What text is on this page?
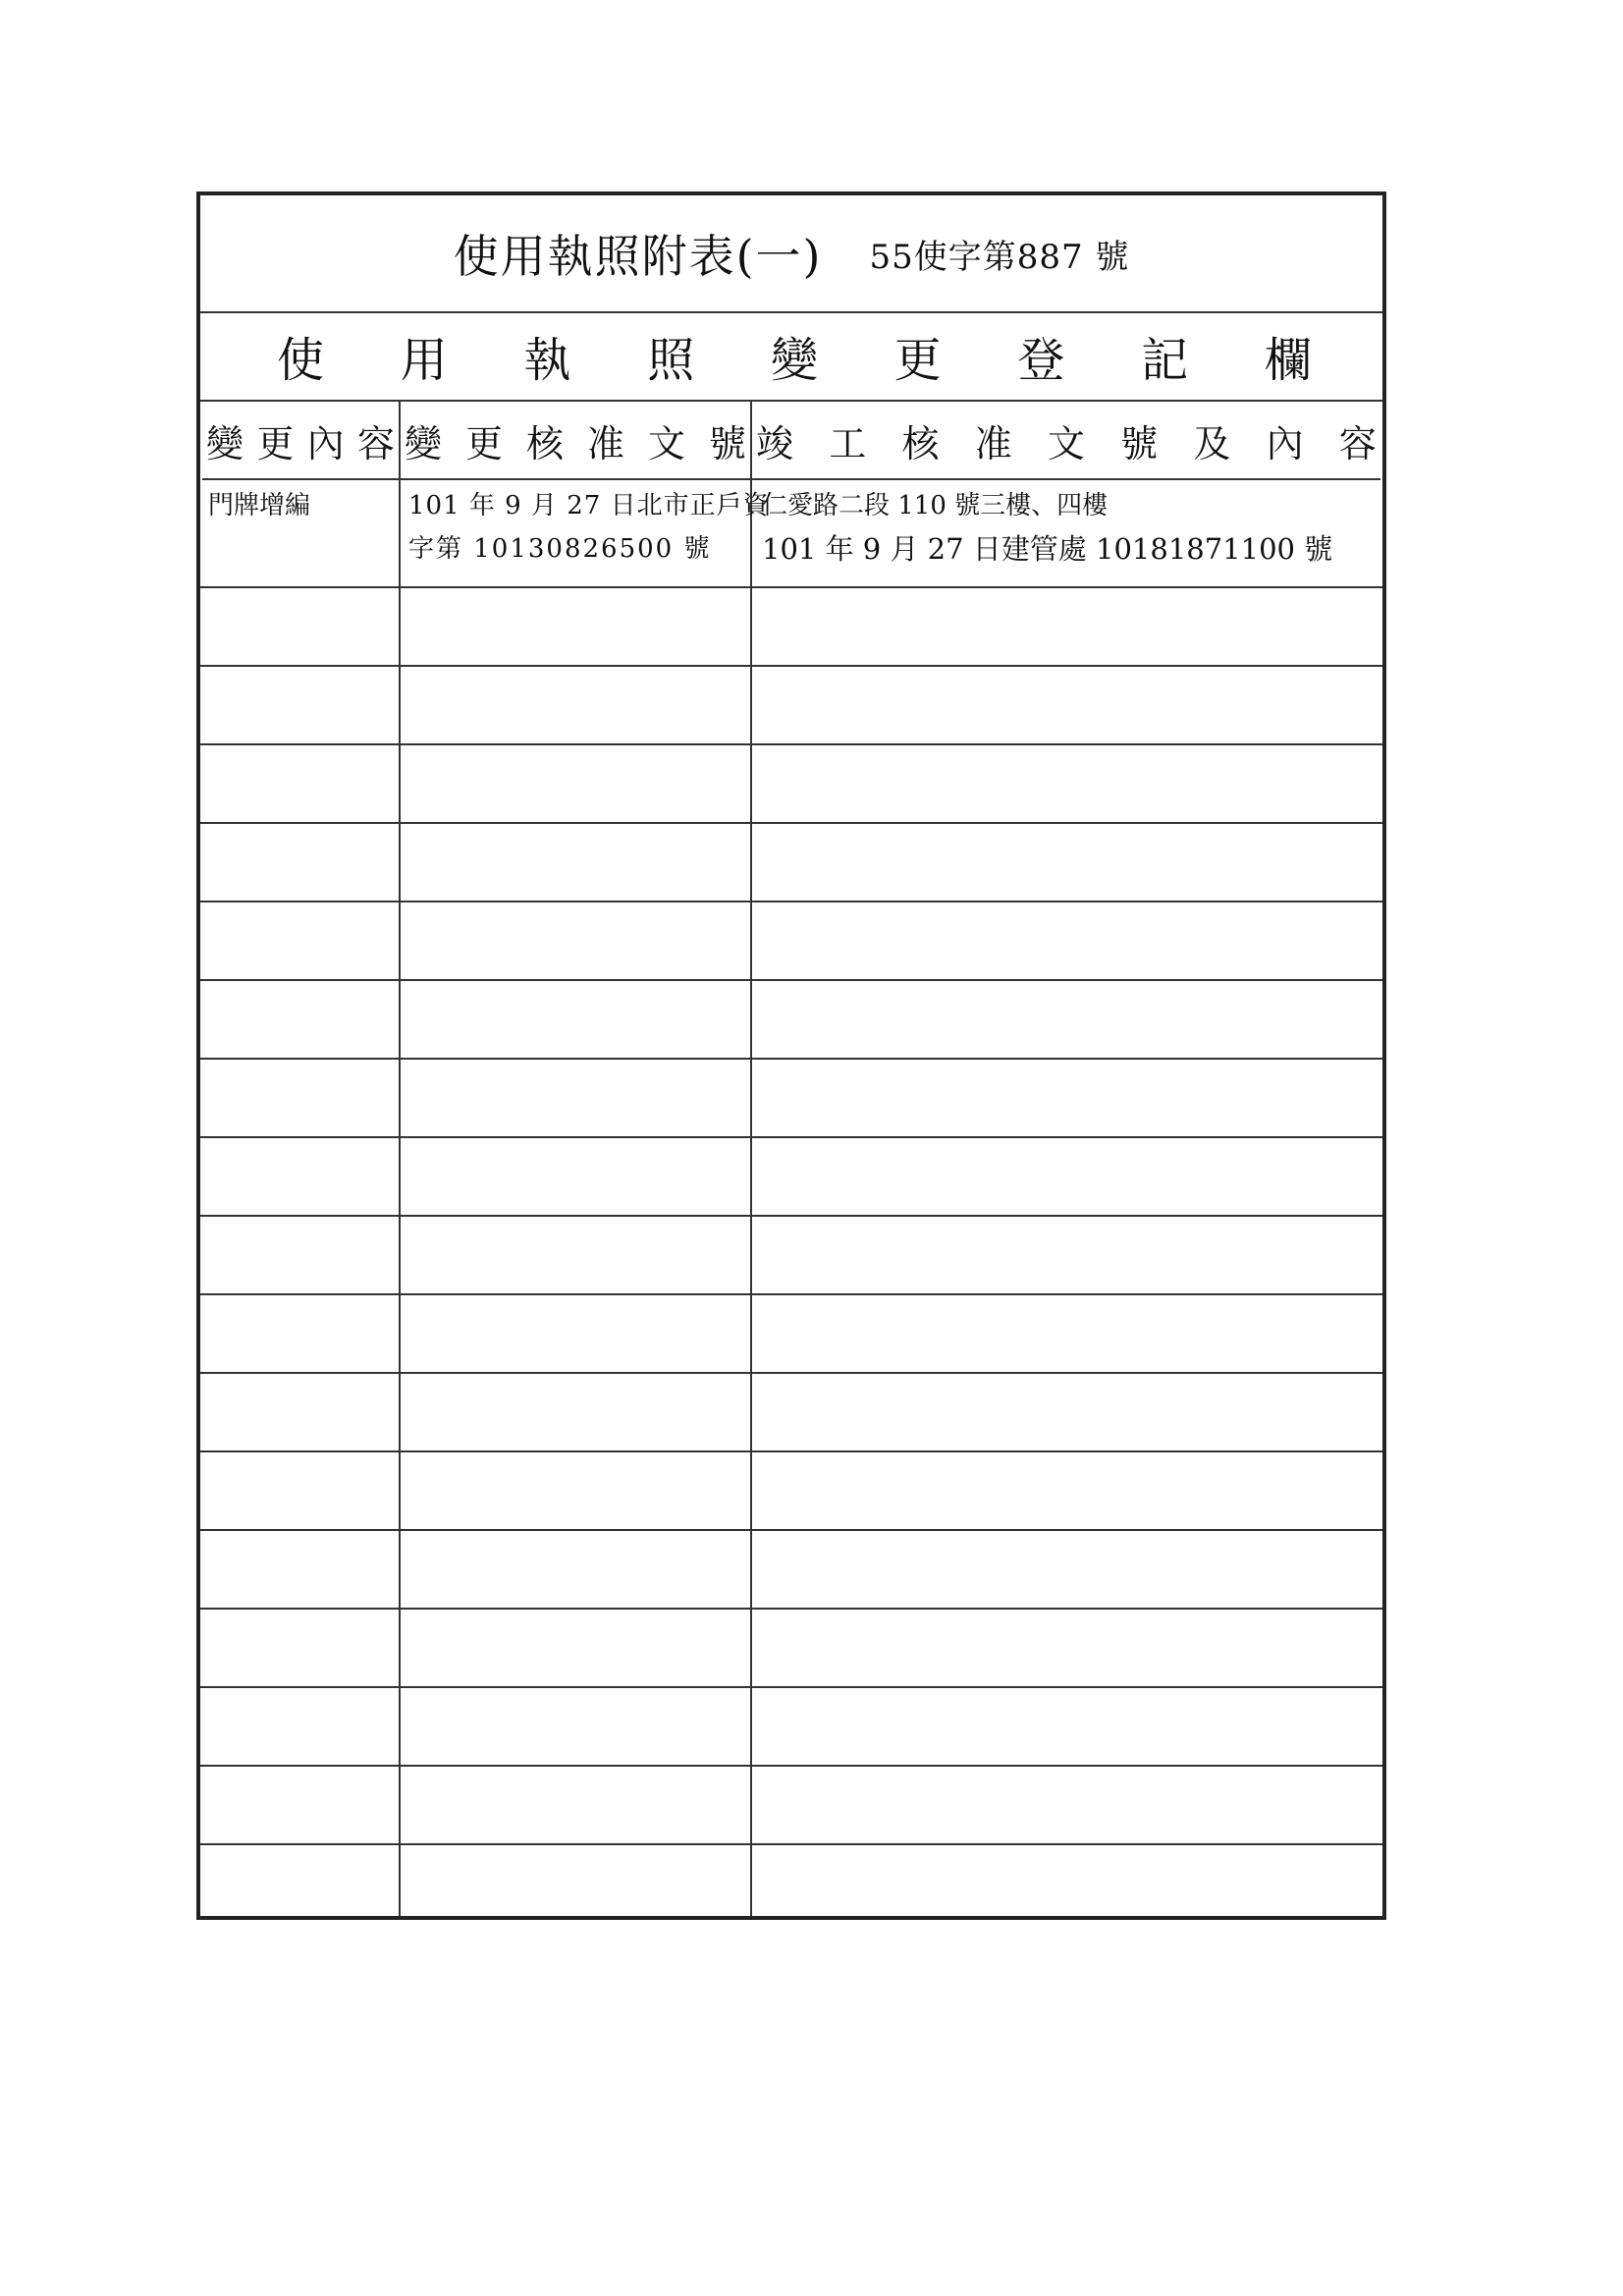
使用執照附表(一) 55使字第887 號
使 用 執 照 變 更 登 記 欄
變 更 內 容 變 更 核 准 文 號 竣 工 核 准 文 號 及 內 容
門牌增編	101 年 9 月 27 日北市正戶資
字第 10130826500 號
仁愛路二段 110 號三樓、四樓
101 年 9 月 27 日建管處 10181871100 號
